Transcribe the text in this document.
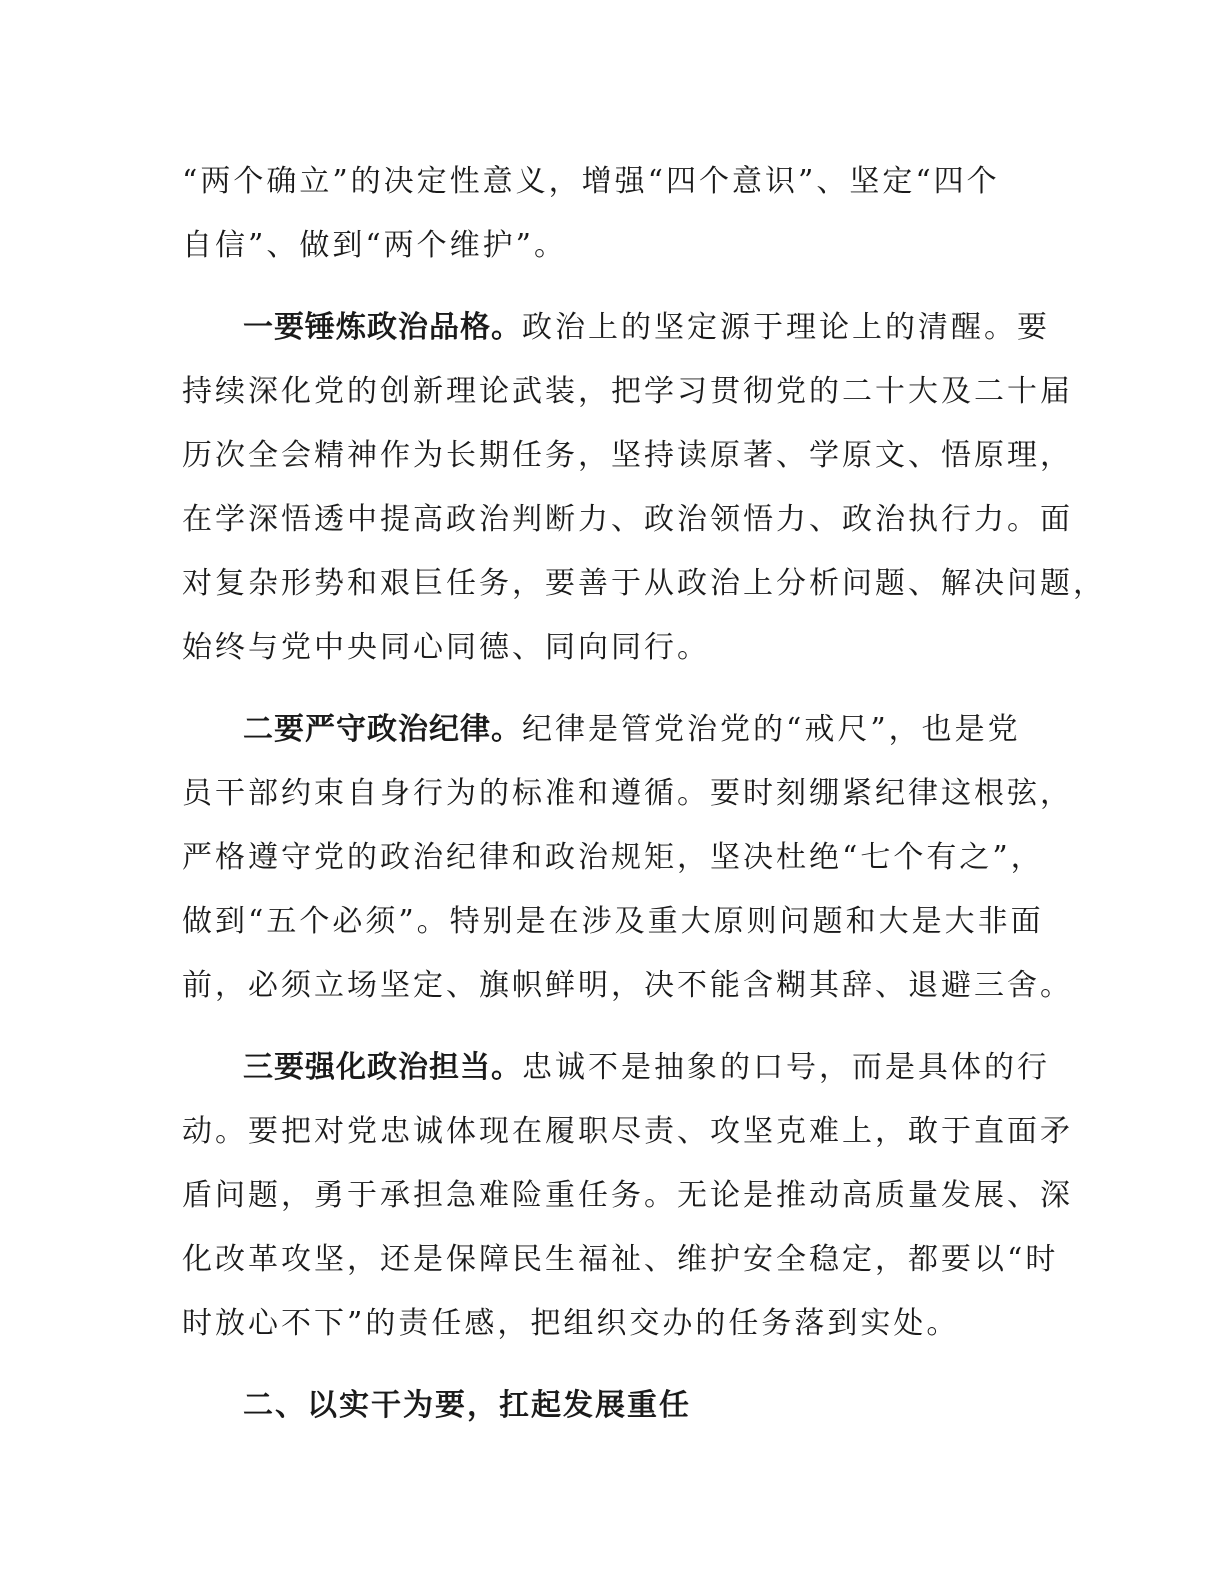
“两个确立”的决定性意义，增强“四个意识”、坚定“四个
自信”、做到“两个维护”。
一要锤炼政治品格。政治上的坚定源于理论上的清醒。要
持续深化党的创新理论武装，把学习贯彻党的二十大及二十届
历次全会精神作为长期任务，坚持读原著、学原文、悟原理，
在学深悟透中提高政治判断力、政治领悟力、政治执行力。面
对复杂形势和艰巨任务，要善于从政治上分析问题、解决问题，
始终与党中央同心同德、同向同行。
二要严守政治纪律。纪律是管党治党的“戒尺”，也是党
员干部约束自身行为的标准和遵循。要时刻绷紧纪律这根弦，
严格遵守党的政治纪律和政治规矩，坚决杜绝“七个有之”，
做到“五个必须”。特别是在涉及重大原则问题和大是大非面
前，必须立场坚定、旗帜鲜明，决不能含糊其辞、退避三舍。
三要强化政治担当。忠诚不是抽象的口号，而是具体的行
动。要把对党忠诚体现在履职尽责、攻坚克难上，敢于直面矛
盾问题，勇于承担急难险重任务。无论是推动高质量发展、深
化改革攻坚，还是保障民生福祉、维护安全稳定，都要以“时
时放心不下”的责任感，把组织交办的任务落到实处。
二、以实干为要，扛起发展重任
